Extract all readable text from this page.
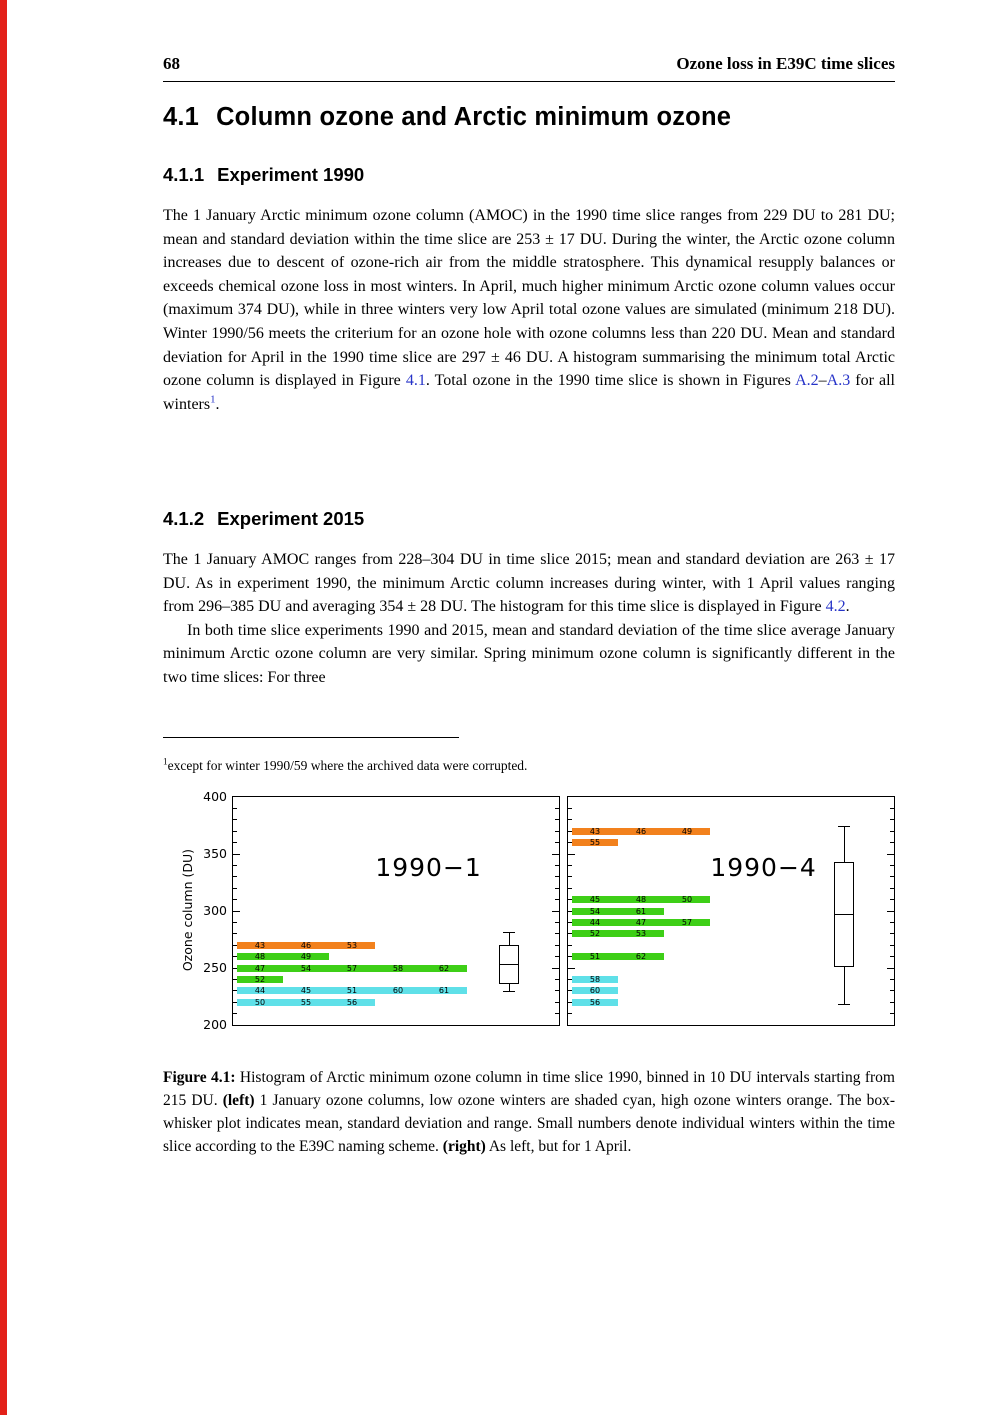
68	Ozone loss in E39C time slices
4.1 Column ozone and Arctic minimum ozone
4.1.1 Experiment 1990

The 1 January Arctic minimum ozone column (AMOC) in the 1990 time slice ranges from 229 DU to 281 DU; mean and standard deviation within the time slice are 253 ± 17 DU. During the winter, the Arctic ozone column increases due to descent of ozone-rich air from the middle stratosphere. This dynamical resupply balances or exceeds chemical ozone loss in most winters. In April, much higher minimum Arctic ozone column values occur (maximum 374 DU), while in three winters very low April total ozone values are simulated (minimum 218 DU). Winter 1990/56 meets the criterium for an ozone hole with ozone columns less than 220 DU. Mean and standard deviation for April in the 1990 time slice are 297 ± 46 DU. A histogram summarising the minimum total Arctic ozone column is displayed in Figure 4.1. Total ozone in the 1990 time slice is shown in Figures A.2–A.3 for all winters$^1$.

4.1.2 Experiment 2015

The 1 January AMOC ranges from 228–304 DU in time slice 2015; mean and standard deviation are 263 ± 17 DU. As in experiment 1990, the minimum Arctic column increases during winter, with 1 April values ranging from 296–385 DU and averaging 354 ± 28 DU. The histogram for this time slice is displayed in Figure 4.2.

In both time slice experiments 1990 and 2015, mean and standard deviation of the time slice average January minimum Arctic ozone column are very similar. Spring minimum ozone column is significantly different in the two time slices: For three

$^1$except for winter 1990/59 where the archived data were corrupted.

Ozone column (DU)
200
250
300
350
400
1990−1
43	46	53
48	49
47	54	57	58	62
52
44	45	51	60	61
50	55	56
1990−4
43	46	49
55
45	48	50
54	61
44	47	57
52	53
51	62
58
60
56

Figure 4.1: Histogram of Arctic minimum ozone column in time slice 1990, binned in 10 DU intervals starting from 215 DU. (left) 1 January ozone columns, low ozone winters are shaded cyan, high ozone winters orange. The box-whisker plot indicates mean, standard deviation and range. Small numbers denote individual winters within the time slice according to the E39C naming scheme. (right) As left, but for 1 April.
